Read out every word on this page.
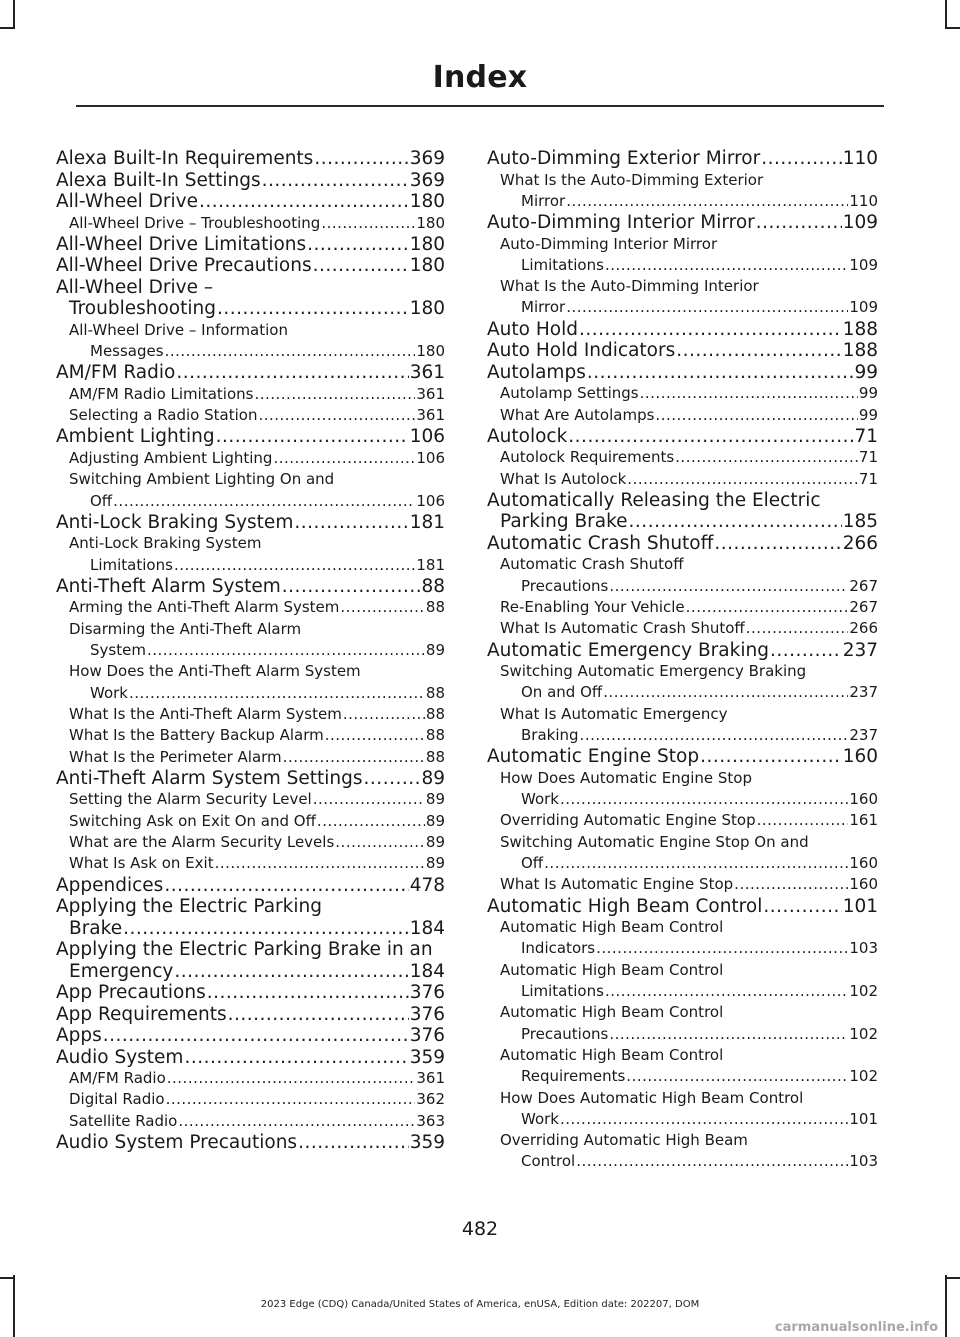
Index
Alexa Built-In Requirements .....	369
Alexa Built-In Settings .....	369
All-Wheel Drive .....	180
All-Wheel Drive – Troubleshooting .....	180
All-Wheel Drive Limitations .....	180
All-Wheel Drive Precautions .....	180
All-Wheel Drive –
Troubleshooting .....	180
All-Wheel Drive – Information
Messages .....	180
AM/FM Radio .....	361
AM/FM Radio Limitations .....	361
Selecting a Radio Station .....	361
Ambient Lighting .....	106
Adjusting Ambient Lighting .....	106
Switching Ambient Lighting On and
Off .....	106
Anti-Lock Braking System .....	181
Anti-Lock Braking System
Limitations .....	181
Anti-Theft Alarm System .....	88
Arming the Anti-Theft Alarm System .....	88
Disarming the Anti-Theft Alarm
System .....	89
How Does the Anti-Theft Alarm System
Work .....	88
What Is the Anti-Theft Alarm System .....	88
What Is the Battery Backup Alarm .....	88
What Is the Perimeter Alarm .....	88
Anti-Theft Alarm System Settings .....	89
Setting the Alarm Security Level .....	89
Switching Ask on Exit On and Off .....	89
What are the Alarm Security Levels .....	89
What Is Ask on Exit .....	89
Appendices .....	478
Applying the Electric Parking
Brake .....	184
Applying the Electric Parking Brake in an
Emergency .....	184
App Precautions .....	376
App Requirements .....	376
Apps .....	376
Audio System .....	359
AM/FM Radio .....	361
Digital Radio .....	362
Satellite Radio .....	363
Audio System Precautions .....	359
Auto-Dimming Exterior Mirror .....	110
What Is the Auto-Dimming Exterior
Mirror .....	110
Auto-Dimming Interior Mirror .....	109
Auto-Dimming Interior Mirror
Limitations .....	109
What Is the Auto-Dimming Interior
Mirror .....	109
Auto Hold .....	188
Auto Hold Indicators .....	188
Autolamps .....	99
Autolamp Settings .....	99
What Are Autolamps .....	99
Autolock .....	71
Autolock Requirements .....	71
What Is Autolock .....	71
Automatically Releasing the Electric
Parking Brake .....	185
Automatic Crash Shutoff .....	266
Automatic Crash Shutoff
Precautions .....	267
Re-Enabling Your Vehicle .....	267
What Is Automatic Crash Shutoff .....	266
Automatic Emergency Braking .....	237
Switching Automatic Emergency Braking
On and Off .....	237
What Is Automatic Emergency
Braking .....	237
Automatic Engine Stop .....	160
How Does Automatic Engine Stop
Work .....	160
Overriding Automatic Engine Stop .....	161
Switching Automatic Engine Stop On and
Off .....	160
What Is Automatic Engine Stop .....	160
Automatic High Beam Control .....	101
Automatic High Beam Control
Indicators .....	103
Automatic High Beam Control
Limitations .....	102
Automatic High Beam Control
Precautions .....	102
Automatic High Beam Control
Requirements .....	102
How Does Automatic High Beam Control
Work .....	101
Overriding Automatic High Beam
Control .....	103
482
2023 Edge (CDQ) Canada/United States of America, enUSA, Edition date: 202207, DOM
carmanualsonline.info
